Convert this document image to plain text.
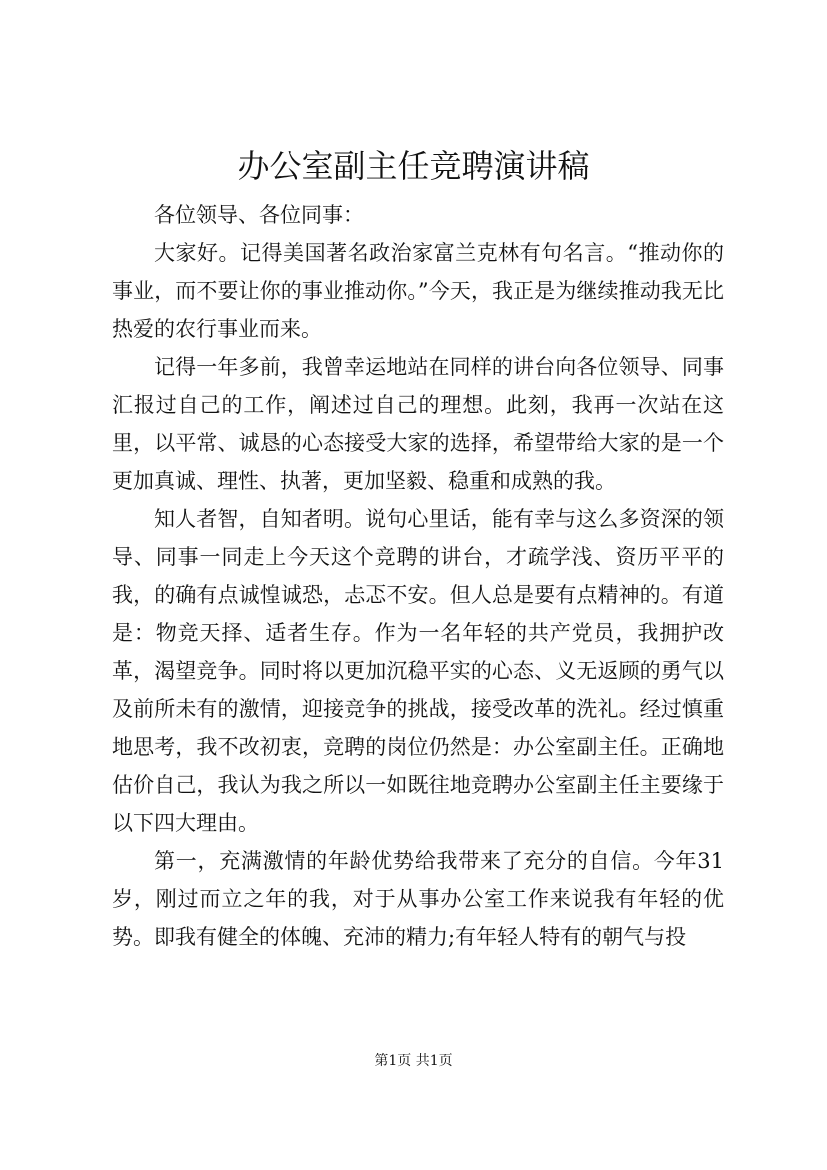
办公室副主任竞聘演讲稿

各位领导、各位同事：

大家好。记得美国著名政治家富兰克林有句名言。“推动你的事业，而不要让你的事业推动你。”今天，我正是为继续推动我无比热爱的农行事业而来。

记得一年多前，我曾幸运地站在同样的讲台向各位领导、同事汇报过自己的工作，阐述过自己的理想。此刻，我再一次站在这里，以平常、诚恳的心态接受大家的选择，希望带给大家的是一个更加真诚、理性、执著，更加坚毅、稳重和成熟的我。

知人者智，自知者明。说句心里话，能有幸与这么多资深的领导、同事一同走上今天这个竞聘的讲台，才疏学浅、资历平平的我，的确有点诚惶诚恐，忐忑不安。但人总是要有点精神的。有道是：物竞天择、适者生存。作为一名年轻的共产党员，我拥护改革，渴望竞争。同时将以更加沉稳平实的心态、义无返顾的勇气以及前所未有的激情，迎接竞争的挑战，接受改革的洗礼。经过慎重地思考，我不改初衷，竞聘的岗位仍然是：办公室副主任。正确地估价自己，我认为我之所以一如既往地竞聘办公室副主任主要缘于以下四大理由。

第一，充满激情的年龄优势给我带来了充分的自信。今年31岁，刚过而立之年的我，对于从事办公室工作来说我有年轻的优势。即我有健全的体魄、充沛的精力;有年轻人特有的朝气与投

第1页 共1页
